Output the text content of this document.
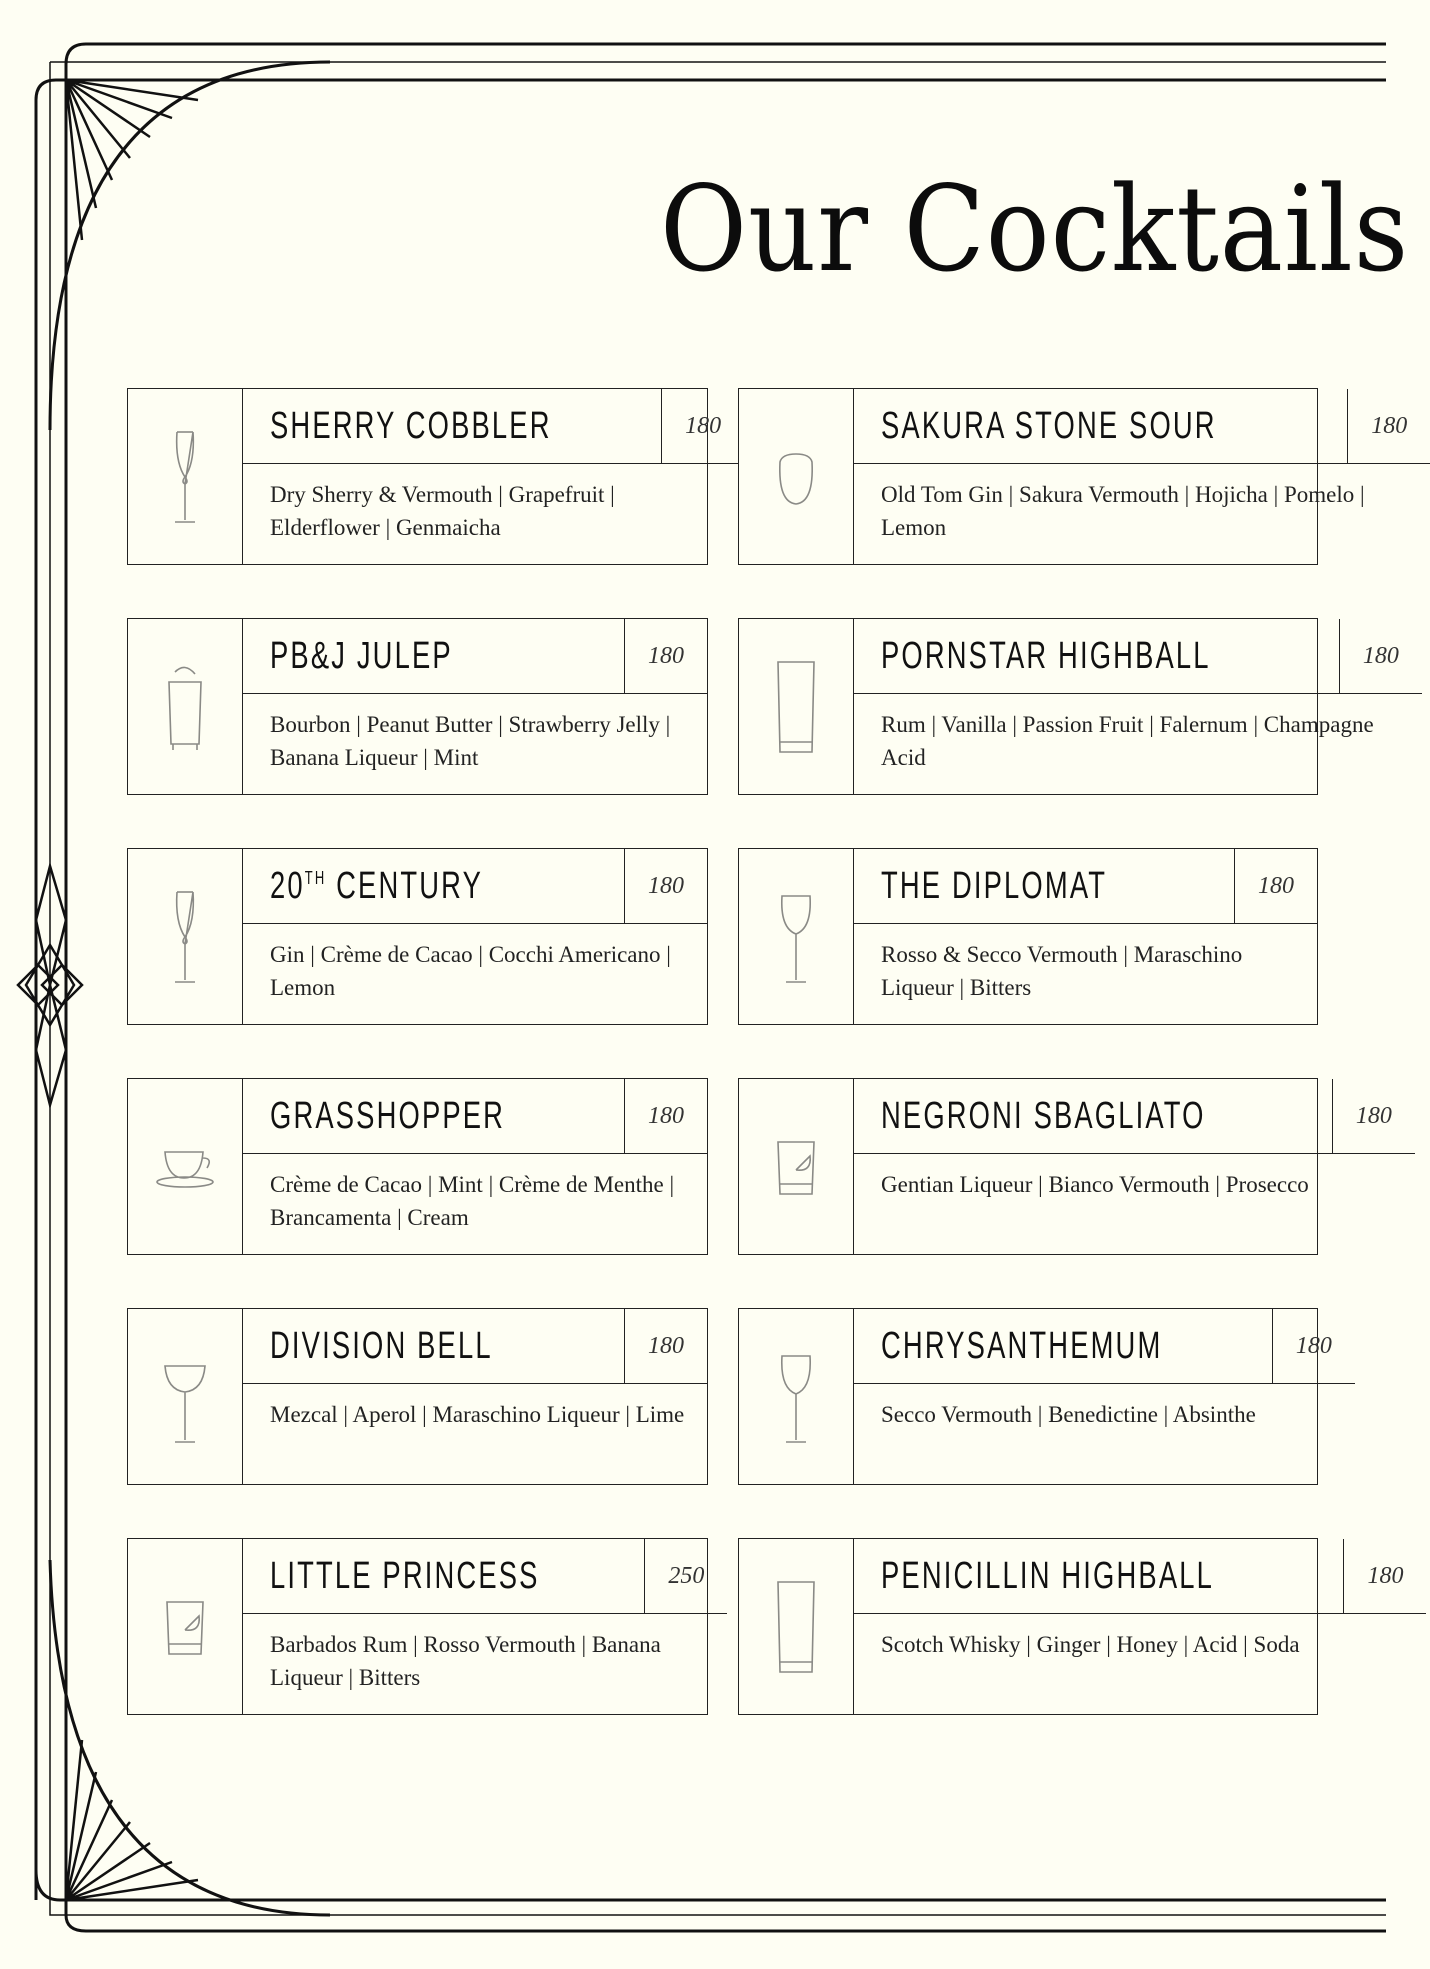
Our Cocktails
SHERRY COBBLER	180
Dry Sherry & Vermouth | Grapefruit | Elderflower | Genmaicha
SAKURA STONE SOUR	180
Old Tom Gin | Sakura Vermouth | Hojicha | Pomelo | Lemon
PB&J JULEP	180
Bourbon | Peanut Butter | Strawberry Jelly | Banana Liqueur | Mint
PORNSTAR HIGHBALL	180
Rum | Vanilla | Passion Fruit | Falernum | Champagne Acid
20TH CENTURY	180
Gin | Crème de Cacao | Cocchi Americano | Lemon
THE DIPLOMAT	180
Rosso & Secco Vermouth | Maraschino Liqueur | Bitters
GRASSHOPPER	180
Crème de Cacao | Mint | Crème de Menthe | Brancamenta | Cream
NEGRONI SBAGLIATO	180
Gentian Liqueur | Bianco Vermouth | Prosecco
DIVISION BELL	180
Mezcal | Aperol | Maraschino Liqueur | Lime
CHRYSANTHEMUM	180
Secco Vermouth | Benedictine | Absinthe
LITTLE PRINCESS	250
Barbados Rum | Rosso Vermouth | Banana Liqueur | Bitters
PENICILLIN HIGHBALL	180
Scotch Whisky | Ginger | Honey | Acid | Soda
